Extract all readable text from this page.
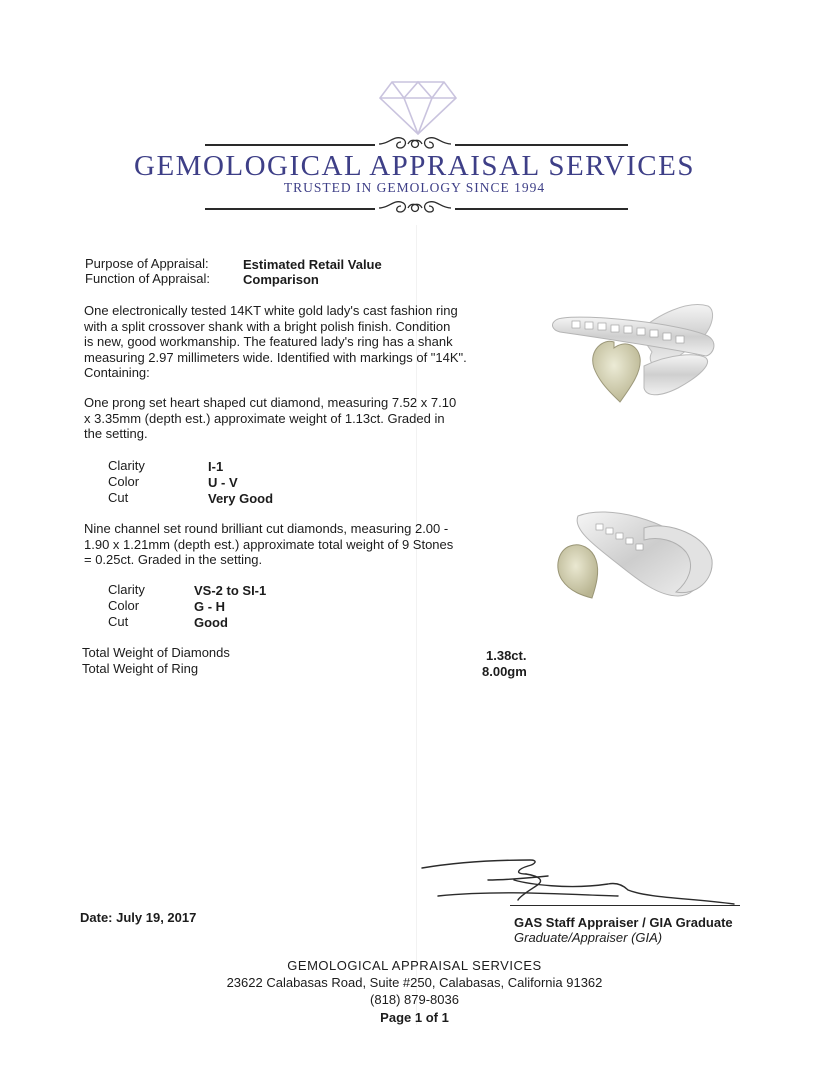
GEMOLOGICAL APPRAISAL SERVICES
TRUSTED IN GEMOLOGY SINCE 1994
Purpose of Appraisal:	Estimated Retail Value
Function of Appraisal:	Comparison
One electronically tested 14KT white gold lady's cast fashion ring
with a split crossover shank with a bright polish finish. Condition
is new, good workmanship. The featured lady's ring has a shank
measuring 2.97 millimeters wide. Identified with markings of "14K".
Containing:
One prong set heart shaped cut diamond, measuring 7.52 x 7.10
x 3.35mm (depth est.) approximate weight of 1.13ct. Graded in
the setting.
Clarity	I-1
Color	U - V
Cut	Very Good
Nine channel set round brilliant cut diamonds, measuring 2.00 -
1.90 x 1.21mm (depth est.) approximate total weight of 9 Stones
= 0.25ct. Graded in the setting.
Clarity	VS-2 to SI-1
Color	G - H
Cut	Good
Total Weight of Diamonds	1.38ct.
Total Weight of Ring	8.00gm
Date: July 19, 2017	GAS Staff Appraiser / GIA Graduate
Graduate/Appraiser (GIA)
GEMOLOGICAL APPRAISAL SERVICES
23622 Calabasas Road, Suite #250, Calabasas, California 91362
(818) 879-8036
Page 1 of 1
